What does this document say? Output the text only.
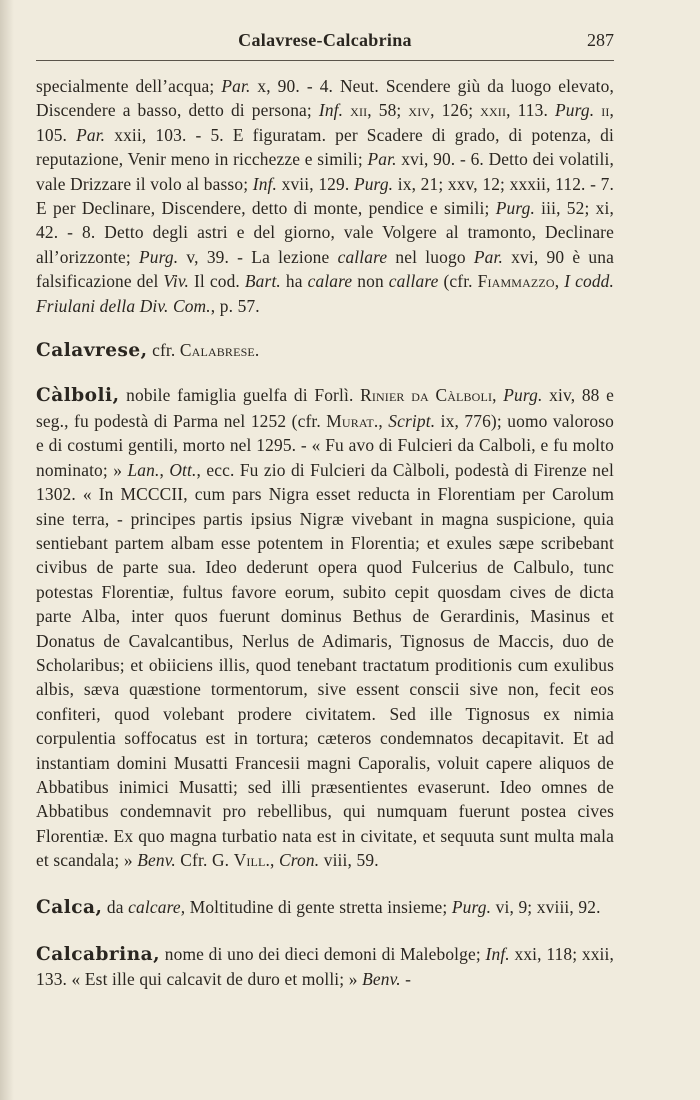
Calavrese-Calcabrina	287

specialmente dell’acqua; Par. x, 90. - 4. Neut. Scendere giù da luogo elevato, Discendere a basso, detto di persona; Inf. xii, 58; xiv, 126; xxii, 113. Purg. ii, 105. Par. xxii, 103. - 5. E figuratam. per Scadere di grado, di potenza, di reputazione, Venir meno in ricchezze e simili; Par. xvi, 90. - 6. Detto dei volatili, vale Drizzare il volo al basso; Inf. xvii, 129. Purg. ix, 21; xxv, 12; xxxii, 112. - 7. E per Declinare, Discendere, detto di monte, pendice e simili; Purg. iii, 52; xi, 42. - 8. Detto degli astri e del giorno, vale Volgere al tramonto, Declinare all’orizzonte; Purg. v, 39. - La lezione callare nel luogo Par. xvi, 90 è una falsificazione del Viv. Il cod. Bart. ha calare non callare (cfr. Fiammazzo, I codd. Friulani della Div. Com., p. 57.

Calavrese, cfr. Calabrese.

Càlboli, nobile famiglia guelfa di Forlì. Rinier da Càlboli, Purg. xiv, 88 e seg., fu podestà di Parma nel 1252 (cfr. Murat., Script. ix, 776); uomo valoroso e di costumi gentili, morto nel 1295. - « Fu avo di Fulcieri da Calboli, e fu molto nominato; » Lan., Ott., ecc. Fu zio di Fulcieri da Càlboli, podestà di Firenze nel 1302. « In MCCCII, cum pars Nigra esset reducta in Florentiam per Carolum sine terra, - principes partis ipsius Nigræ vivebant in magna suspicione, quia sentiebant partem albam esse potentem in Florentia; et exules sæpe scribebant civibus de parte sua. Ideo dederunt opera quod Fulcerius de Calbulo, tunc potestas Florentiæ, fultus favore eorum, subito cepit quosdam cives de dicta parte Alba, inter quos fuerunt dominus Bethus de Gerardinis, Masinus et Donatus de Cavalcantibus, Nerlus de Adimaris, Tignosus de Maccis, duo de Scholaribus; et obiiciens illis, quod tenebant tractatum proditionis cum exulibus albis, sæva quæstione tormentorum, sive essent conscii sive non, fecit eos confiteri, quod volebant prodere civitatem. Sed ille Tignosus ex nimia corpulentia soffocatus est in tortura; cæteros condemnatos decapitavit. Et ad instantiam domini Musatti Francesii magni Caporalis, voluit capere aliquos de Abbatibus inimici Musatti; sed illi præsentientes evaserunt. Ideo omnes de Abbatibus condemnavit pro rebellibus, qui numquam fuerunt postea cives Florentiæ. Ex quo magna turbatio nata est in civitate, et sequuta sunt multa mala et scandala; » Benv. Cfr. G. Vill., Cron. viii, 59.

Calca, da calcare, Moltitudine di gente stretta insieme; Purg. vi, 9; xviii, 92.

Calcabrina, nome di uno dei dieci demoni di Malebolge; Inf. xxi, 118; xxii, 133. « Est ille qui calcavit de duro et molli; » Benv. -
